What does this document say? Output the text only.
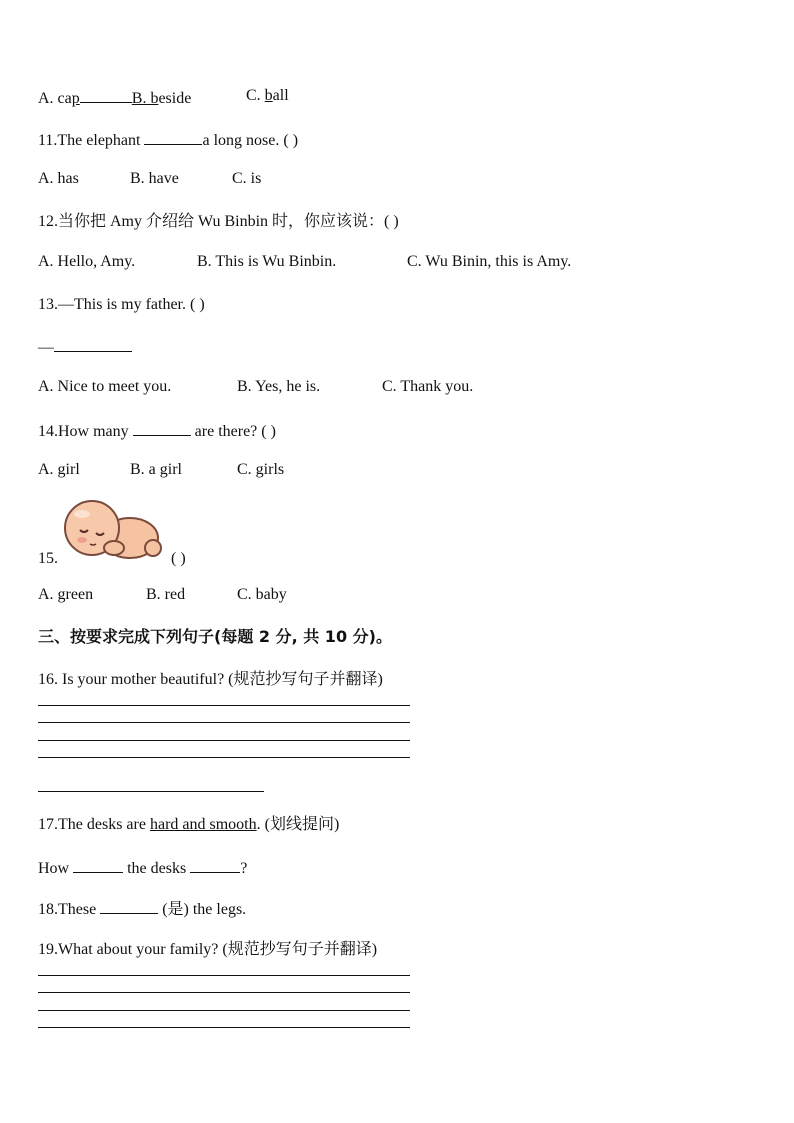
A. cap	B. beside	C. ball
11.The elephant	a long nose. ( )
A. has	B. have	C. is
12.当你把 Amy 介绍给 Wu Binbin 时，你应该说：( )
A. Hello, Amy.	B. This is Wu Binbin.	C. Wu Binin, this is Amy.
13.—This is my father. ( )
—
A. Nice to meet you.	B. Yes, he is.	C. Thank you.
14.How many	are there? ( )
A. girl	B. a girl	C. girls
15.	( )
A. green	B. red	C. baby
三、按要求完成下列句子(每题 2 分, 共 10 分)。
16. Is your mother beautiful? (规范抄写句子并翻译)
17.The desks are hard and smooth. (划线提问)
How	the desks	?
18.These	(是) the legs.
19.What about your family? (规范抄写句子并翻译)
